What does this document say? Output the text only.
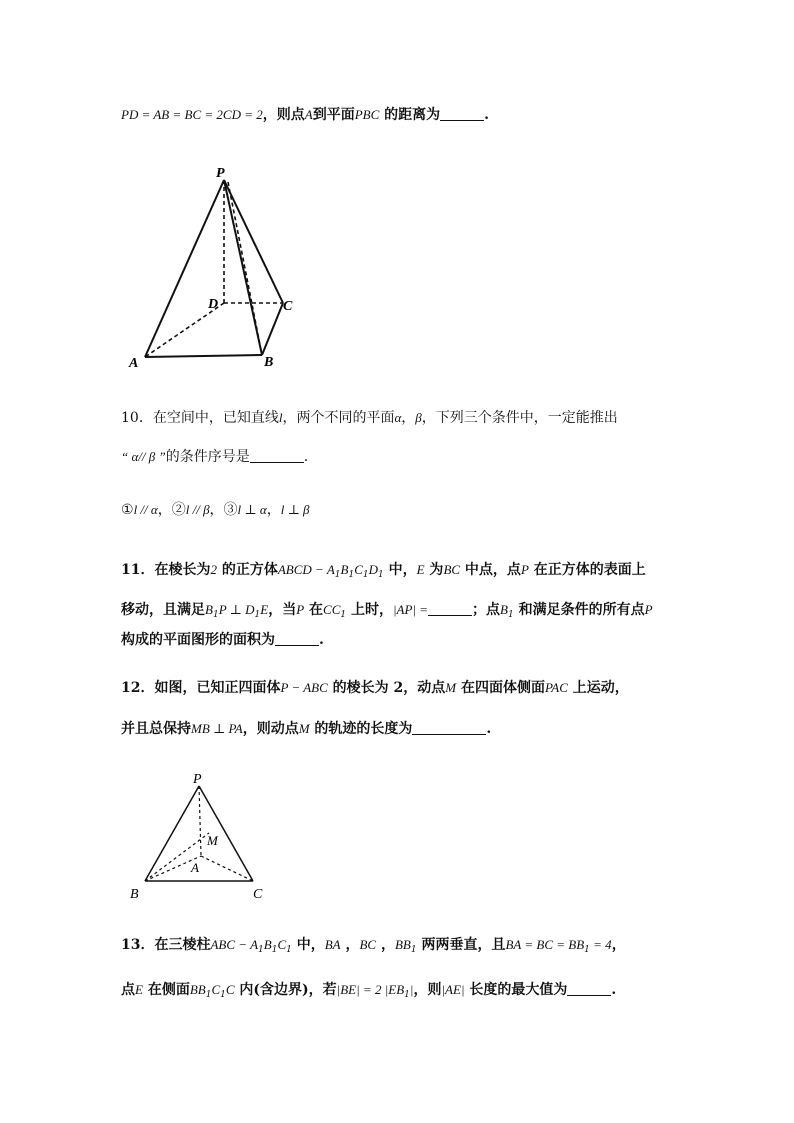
PD = AB = BC = 2CD = 2，则点A到平面PBC 的距离为	.
P
D	C
A	B
10．在空间中，已知直线l，两个不同的平面α，β，下列三个条件中，一定能推出
“ α// β ”的条件序号是	.
①l // α，②l // β，③l ⊥ α，l ⊥ β
11．在棱长为2 的正方体ABCD − $A_1B_1C_1D_1$ 中，E 为BC 中点，点P 在正方体的表面上
移动，且满足$B_1P$ ⊥ $D_1E$，当P 在$CC_1$ 上时，|AP| =	；点$B_1$ 和满足条件的所有点P
构成的平面图形的面积为	.
12．如图，已知正四面体P − ABC 的棱长为 2，动点M 在四面体侧面PAC 上运动，
并且总保持MB ⊥ PA，则动点M 的轨迹的长度为	.
P
M
A
B	C
13．在三棱柱ABC − $A_1B_1C_1$ 中，BA ，BC ，$BB_1$ 两两垂直，且BA = BC = $BB_1 = 4$，
点E 在侧面$BB_1C_1C$ 内(含边界)，若|BE| = 2 $|EB_1|$，则|AE| 长度的最大值为	.
